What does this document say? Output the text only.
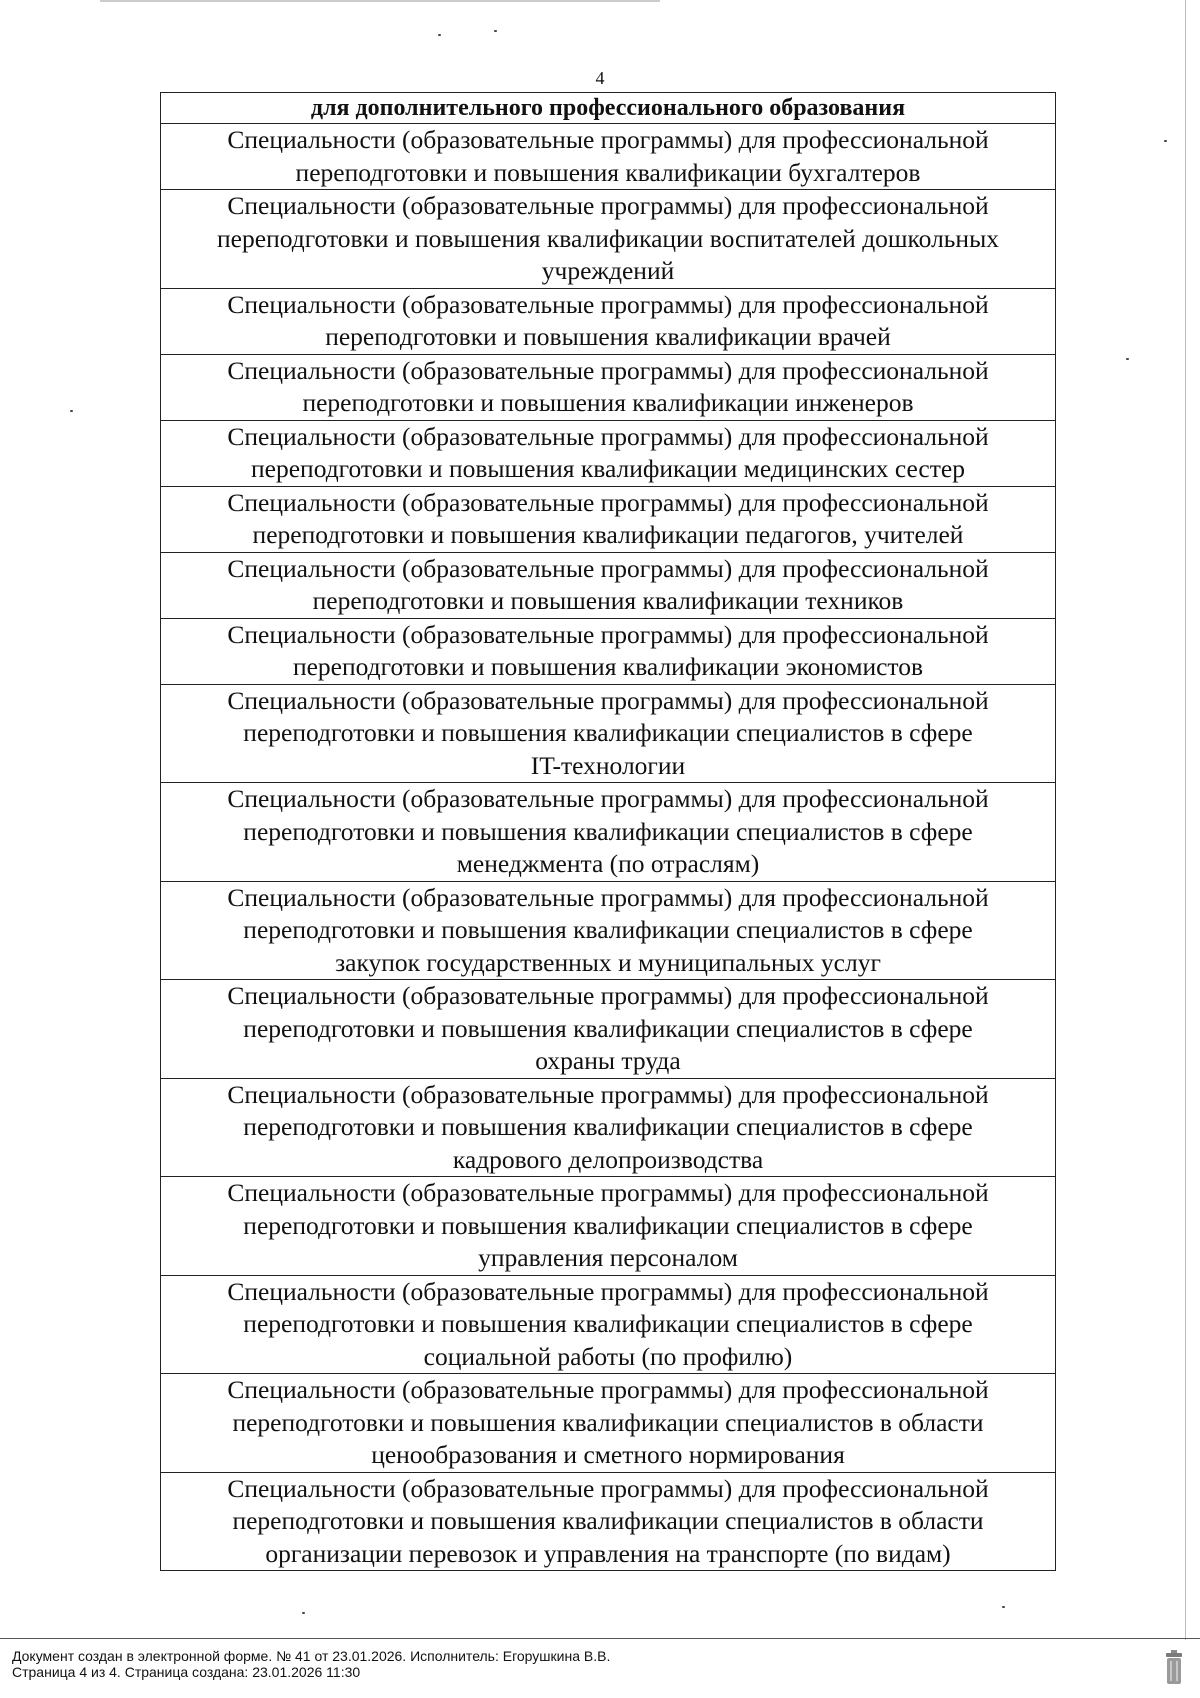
4
для дополнительного профессионального образования

Специальности (образовательные программы) для профессиональной
переподготовки и повышения квалификации бухгалтеров

Специальности (образовательные программы) для профессиональной
переподготовки и повышения квалификации воспитателей дошкольных
учреждений

Специальности (образовательные программы) для профессиональной
переподготовки и повышения квалификации врачей

Специальности (образовательные программы) для профессиональной
переподготовки и повышения квалификации инженеров

Специальности (образовательные программы) для профессиональной
переподготовки и повышения квалификации медицинских сестер

Специальности (образовательные программы) для профессиональной
переподготовки и повышения квалификации педагогов, учителей

Специальности (образовательные программы) для профессиональной
переподготовки и повышения квалификации техников

Специальности (образовательные программы) для профессиональной
переподготовки и повышения квалификации экономистов

Специальности (образовательные программы) для профессиональной
переподготовки и повышения квалификации специалистов в сфере
IT-технологии

Специальности (образовательные программы) для профессиональной
переподготовки и повышения квалификации специалистов в сфере
менеджмента (по отраслям)

Специальности (образовательные программы) для профессиональной
переподготовки и повышения квалификации специалистов в сфере
закупок государственных и муниципальных услуг

Специальности (образовательные программы) для профессиональной
переподготовки и повышения квалификации специалистов в сфере
охраны труда

Специальности (образовательные программы) для профессиональной
переподготовки и повышения квалификации специалистов в сфере
кадрового делопроизводства

Специальности (образовательные программы) для профессиональной
переподготовки и повышения квалификации специалистов в сфере
управления персоналом

Специальности (образовательные программы) для профессиональной
переподготовки и повышения квалификации специалистов в сфере
социальной работы (по профилю)

Специальности (образовательные программы) для профессиональной
переподготовки и повышения квалификации специалистов в области
ценообразования и сметного нормирования

Специальности (образовательные программы) для профессиональной
переподготовки и повышения квалификации специалистов в области
организации перевозок и управления на транспорте (по видам)
Документ создан в электронной форме. № 41 от 23.01.2026. Исполнитель: Егорушкина В.В.
Страница 4 из 4. Страница создана: 23.01.2026 11:30
